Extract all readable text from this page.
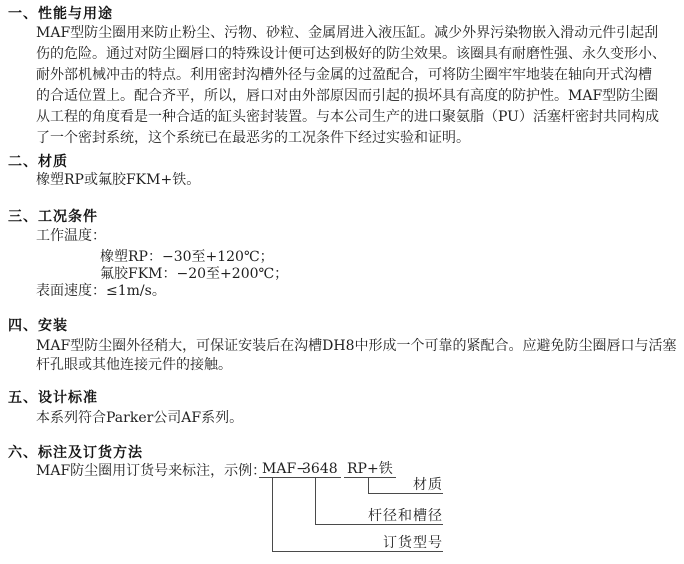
一、性能与用途
MAF型防尘圈用来防止粉尘、污物、砂粒、金属屑进入液压缸。减少外界污染物嵌入滑动元件引起刮
伤的危险。通过对防尘圈唇口的特殊设计便可达到极好的防尘效果。该圈具有耐磨性强、永久变形小、
耐外部机械冲击的特点。利用密封沟槽外径与金属的过盈配合，可将防尘圈牢牢地装在轴向开式沟槽
的合适位置上。配合齐平，所以，唇口对由外部原因而引起的损坏具有高度的防护性。MAF型防尘圈
从工程的角度看是一种合适的缸头密封装置。与本公司生产的进口聚氨脂（PU）活塞杆密封共同构成
了一个密封系统，这个系统已在最恶劣的工况条件下经过实验和证明。
二、材质
橡塑RP或氟胶FKM+铁。
三、工况条件
工作温度：
橡塑RP：−30至+120℃；
氟胶FKM：−20至+200℃；
表面速度：≤1m/s。
四、安装
MAF型防尘圈外径稍大，可保证安装后在沟槽DH8中形成一个可靠的紧配合。应避免防尘圈唇口与活塞
杆孔眼或其他连接元件的接触。
五、设计标准
本系列符合Parker公司AF系列。
六、标注及订货方法
MAF防尘圈用订货号来标注，示例：
MAF−
3648 RP+铁
材质
杆径和槽径
订货型号
